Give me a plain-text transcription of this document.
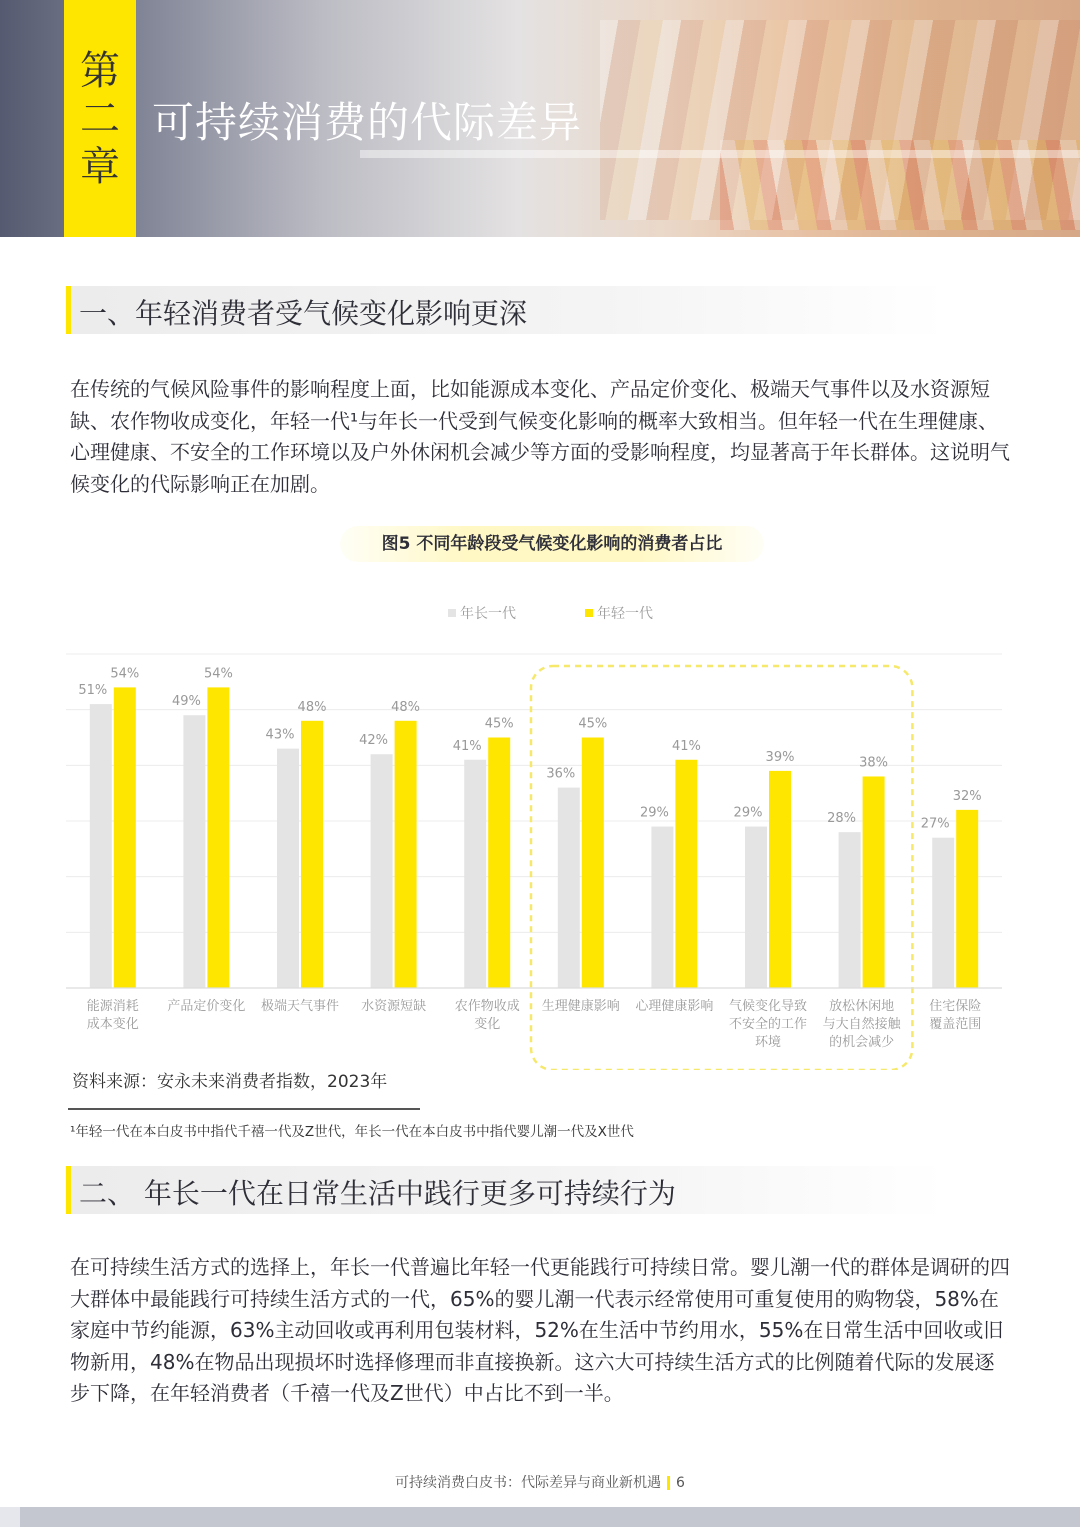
第
二
章
可持续消费的代际差异
一、年轻消费者受气候变化影响更深
在传统的气候风险事件的影响程度上面，比如能源成本变化、产品定价变化、极端天气事件以及水资源短缺、农作物收成变化，年轻一代¹与年长一代受到气候变化影响的概率大致相当。但年轻一代在生理健康、心理健康、不安全的工作环境以及户外休闲机会减少等方面的受影响程度，均显著高于年长群体。这说明气候变化的代际影响正在加剧。
图5 不同年龄段受气候变化影响的消费者占比
年长一代	年轻一代
51%
54%
能源消耗
成本变化
49%
54%
产品定价变化
43%
48%
极端天气事件
42%
48%
水资源短缺
41%
45%
农作物收成
变化
36%
45%
生理健康影响
29%
41%
心理健康影响
29%
39%
气候变化导致
不安全的工作
环境
28%
38%
放松休闲地
与大自然接触
的机会减少
27%
32%
住宅保险
覆盖范围
资料来源：安永未来消费者指数，2023年
¹年轻一代在本白皮书中指代千禧一代及Z世代，年长一代在本白皮书中指代婴儿潮一代及X世代
二、 年长一代在日常生活中践行更多可持续行为
在可持续生活方式的选择上，年长一代普遍比年轻一代更能践行可持续日常。婴儿潮一代的群体是调研的四大群体中最能践行可持续生活方式的一代，65%的婴儿潮一代表示经常使用可重复使用的购物袋，58%在家庭中节约能源，63%主动回收或再利用包装材料，52%在生活中节约用水，55%在日常生活中回收或旧物新用，48%在物品出现损坏时选择修理而非直接换新。这六大可持续生活方式的比例随着代际的发展逐步下降，在年轻消费者（千禧一代及Z世代）中占比不到一半。
可持续消费白皮书：代际差异与商业新机遇 6
